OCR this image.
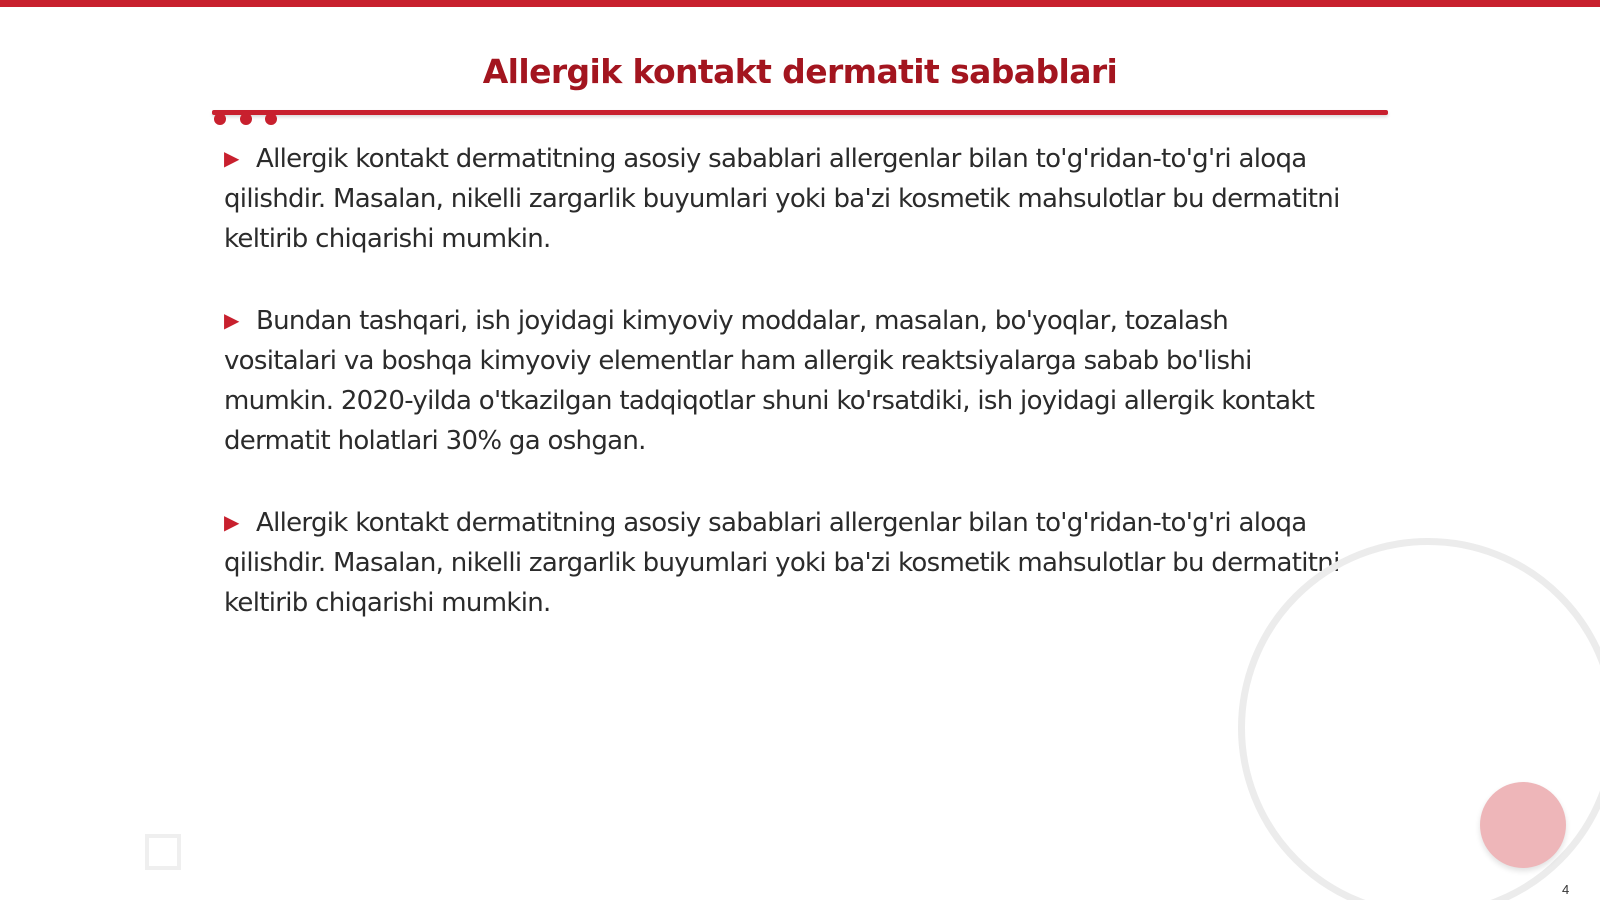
Allergik kontakt dermatit sabablari

▶ Allergik kontakt dermatitning asosiy sabablari allergenlar bilan to'g'ridan-to'g'ri aloqa qilishdir. Masalan, nikelli zargarlik buyumlari yoki ba'zi kosmetik mahsulotlar bu dermatitni keltirib chiqarishi mumkin.

▶ Bundan tashqari, ish joyidagi kimyoviy moddalar, masalan, bo'yoqlar, tozalash vositalari va boshqa kimyoviy elementlar ham allergik reaktsiyalarga sabab bo'lishi mumkin. 2020-yilda o'tkazilgan tadqiqotlar shuni ko'rsatdiki, ish joyidagi allergik kontakt dermatit holatlari 30% ga oshgan.

▶ Allergik kontakt dermatitning asosiy sabablari allergenlar bilan to'g'ridan-to'g'ri aloqa qilishdir. Masalan, nikelli zargarlik buyumlari yoki ba'zi kosmetik mahsulotlar bu dermatitni keltirib chiqarishi mumkin.

4
